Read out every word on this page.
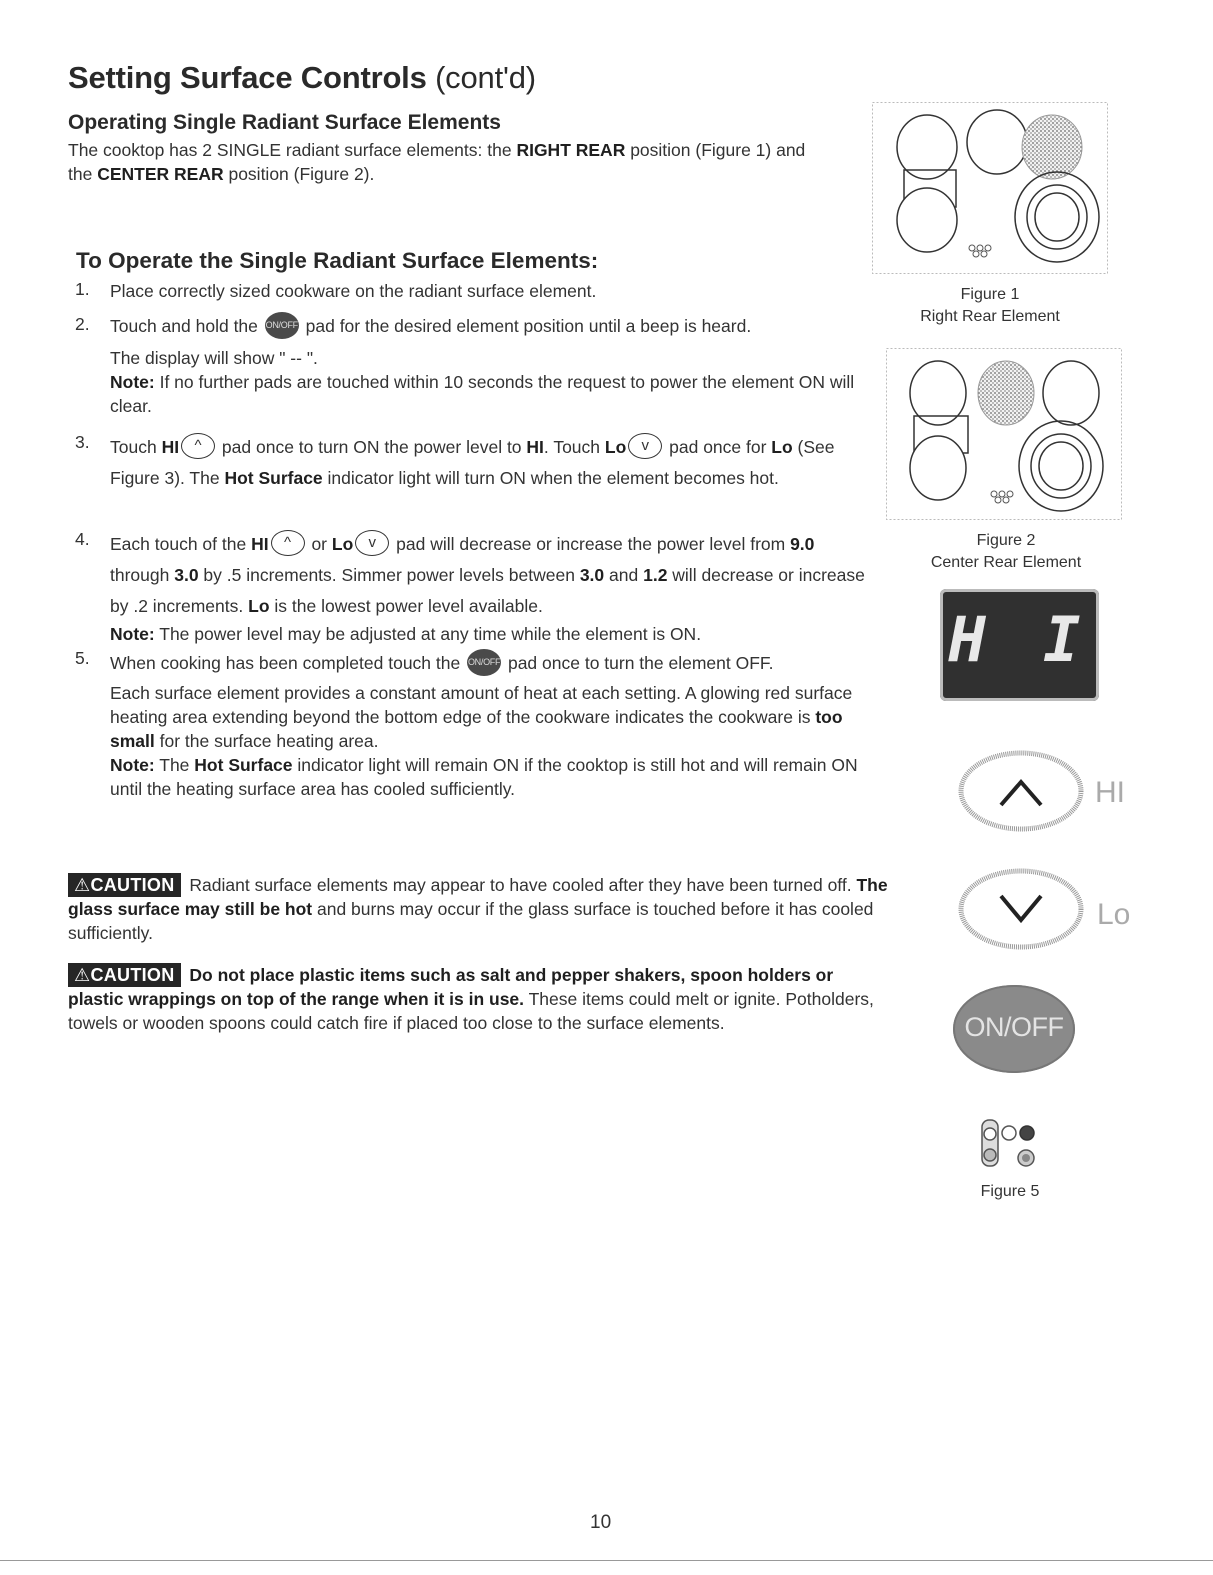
Setting Surface Controls (cont'd)
Operating Single Radiant Surface Elements
The cooktop has 2 SINGLE radiant surface elements: the RIGHT REAR position (Figure 1) and the CENTER REAR position (Figure 2).
To Operate the Single Radiant Surface Elements:
1. Place correctly sized cookware on the radiant surface element.
2. Touch and hold the ON/OFF pad for the desired element position until a beep is heard.
The display will show " -- ".
Note: If no further pads are touched within 10 seconds the request to power the element ON will clear.
3. Touch HI ^ pad once to turn ON the power level to HI. Touch Lo v pad once for Lo (See Figure 3). The Hot Surface indicator light will turn ON when the element becomes hot.
4. Each touch of the HI ^ or Lo v pad will decrease or increase the power level from 9.0 through 3.0 by .5 increments. Simmer power levels between 3.0 and 1.2 will decrease or increase by .2 increments. Lo is the lowest power level available.
Note: The power level may be adjusted at any time while the element is ON.
5. When cooking has been completed touch the ON/OFF pad once to turn the element OFF.
Each surface element provides a constant amount of heat at each setting. A glowing red surface heating area extending beyond the bottom edge of the cookware indicates the cookware is too small for the surface heating area.
Note: The Hot Surface indicator light will remain ON if the cooktop is still hot and will remain ON until the heating surface area has cooled sufficiently.
⚠CAUTION Radiant surface elements may appear to have cooled after they have been turned off. The glass surface may still be hot and burns may occur if the glass surface is touched before it has cooled sufficiently.
⚠CAUTION Do not place plastic items such as salt and pepper shakers, spoon holders or plastic wrappings on top of the range when it is in use. These items could melt or ignite. Potholders, towels or wooden spoons could catch fire if placed too close to the surface elements.
Figure 1
Right Rear Element
Figure 2
Center Rear Element
H I
HI
Lo
ON/OFF
Figure 5
10
